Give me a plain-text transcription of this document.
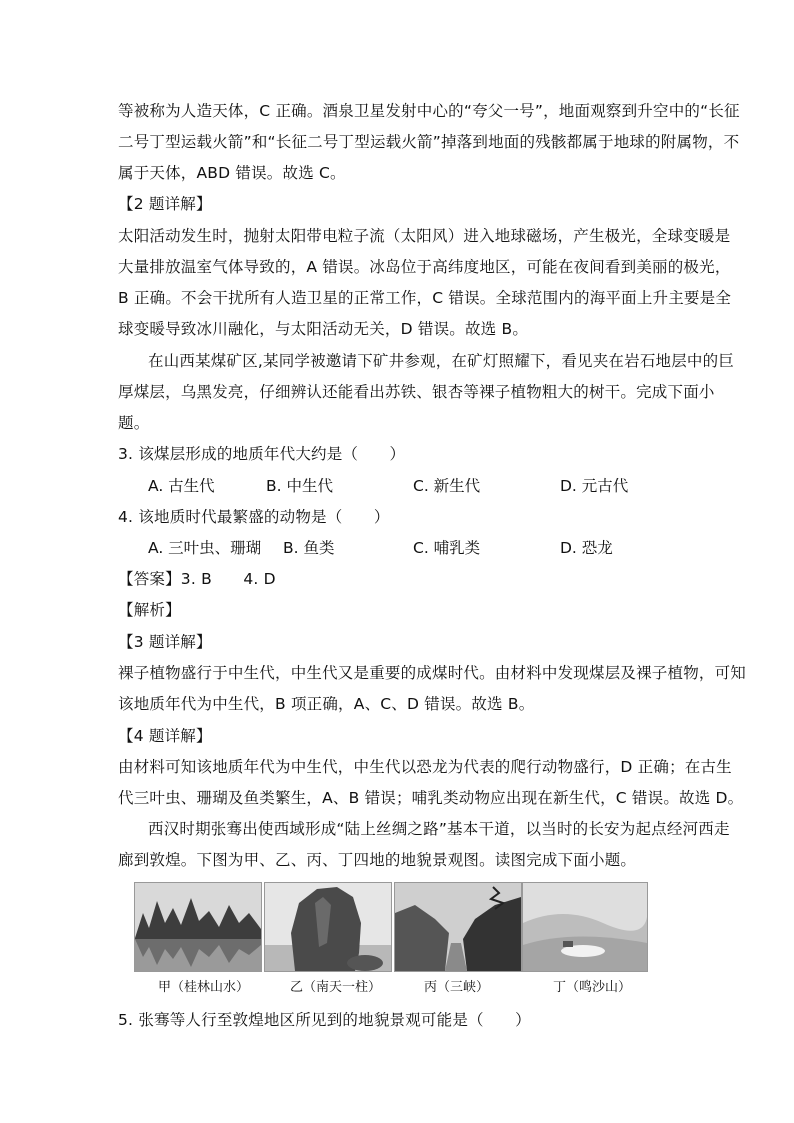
等被称为人造天体，C 正确。酒泉卫星发射中心的“夸父一号”，地面观察到升空中的“长征
二号丁型运载火箭”和“长征二号丁型运载火箭”掉落到地面的残骸都属于地球的附属物，不
属于天体，ABD 错误。故选 C。
【2 题详解】
太阳活动发生时，抛射太阳带电粒子流（太阳风）进入地球磁场，产生极光，全球变暖是
大量排放温室气体导致的，A 错误。冰岛位于高纬度地区，可能在夜间看到美丽的极光，
B 正确。不会干扰所有人造卫星的正常工作，C 错误。全球范围内的海平面上升主要是全
球变暖导致冰川融化，与太阳活动无关，D 错误。故选 B。
在山西某煤矿区,某同学被邀请下矿井参观，在矿灯照耀下，看见夹在岩石地层中的巨
厚煤层，乌黑发亮，仔细辨认还能看出苏铁、银杏等裸子植物粗大的树干。完成下面小
题。
3. 该煤层形成的地质年代大约是（　　）
A. 古生代	B. 中生代	C. 新生代	D. 元古代
4. 该地质时代最繁盛的动物是（　　）
A. 三叶虫、珊瑚 B. 鱼类	C. 哺乳类	D. 恐龙
【答案】3. B　　4. D
【解析】
【3 题详解】
裸子植物盛行于中生代，中生代又是重要的成煤时代。由材料中发现煤层及裸子植物，可知
该地质年代为中生代，B 项正确，A、C、D 错误。故选 B。
【4 题详解】
由材料可知该地质年代为中生代，中生代以恐龙为代表的爬行动物盛行，D 正确；在古生
代三叶虫、珊瑚及鱼类繁生，A、B 错误；哺乳类动物应出现在新生代，C 错误。故选 D。
西汉时期张骞出使西域形成“陆上丝绸之路”基本干道，以当时的长安为起点经河西走
廊到敦煌。下图为甲、乙、丙、丁四地的地貌景观图。读图完成下面小题。
甲（桂林山水）	乙（南天一柱）	丙（三峡）	丁（鸣沙山）
5. 张骞等人行至敦煌地区所见到的地貌景观可能是（　　）
